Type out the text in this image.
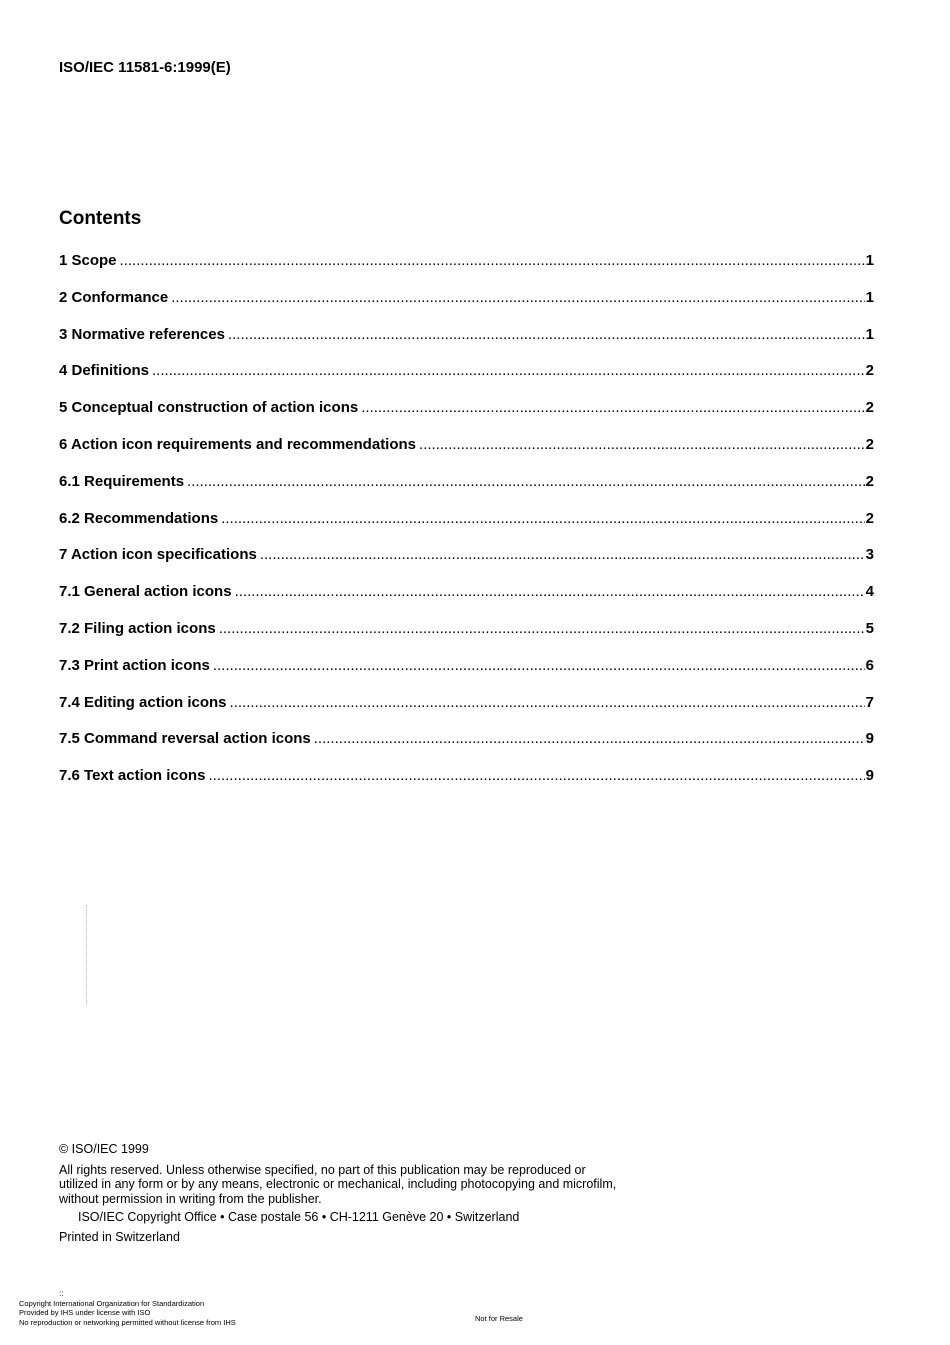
ISO/IEC 11581-6:1999(E)
Contents
1 Scope .....	1
2 Conformance .....	1
3 Normative references .....	1
4 Definitions .....	2
5 Conceptual construction of action icons .....	2
6 Action icon requirements and recommendations .....	2
6.1 Requirements .....	2
6.2 Recommendations .....	2
7 Action icon specifications .....	3
7.1 General action icons .....	4
7.2 Filing action icons .....	5
7.3 Print action icons .....	6
7.4 Editing action icons .....	7
7.5 Command reversal action icons .....	9
7.6 Text action icons .....	9
© ISO/IEC 1999
All rights reserved. Unless otherwise specified, no part of this publication may be reproduced or utilized in any form or by any means, electronic or mechanical, including photocopying and microfilm, without permission in writing from the publisher.
ISO/IEC Copyright Office • Case postale 56 • CH-1211 Genève 20 • Switzerland
Printed in Switzerland
::
Copyright International Organization for Standardization
Provided by IHS under license with ISO
No reproduction or networking permitted without license from IHS	Not for Resale
